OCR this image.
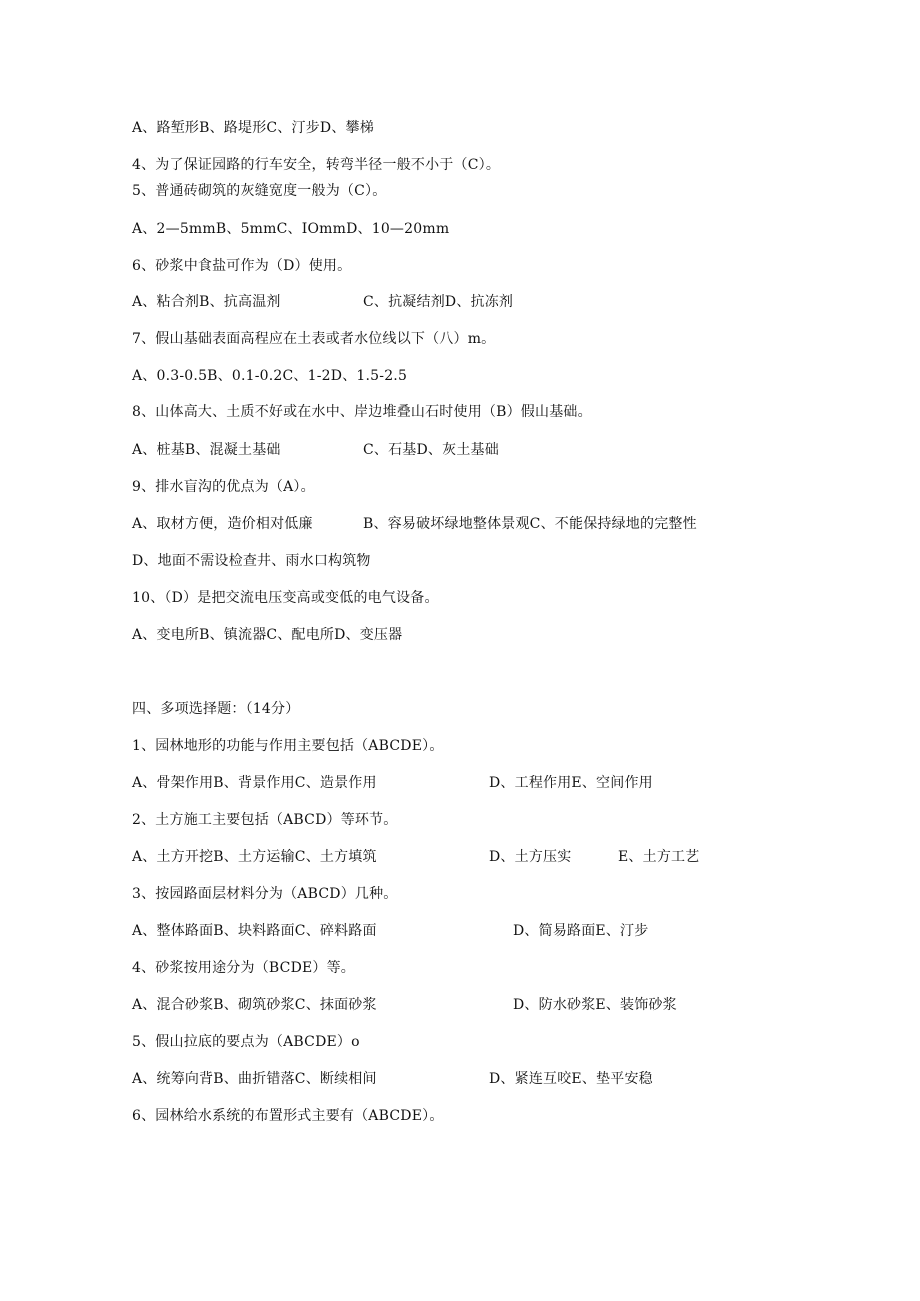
A、路堑形B、路堤形C、汀步D、攀梯
4、为了保证园路的行车安全，转弯半径一般不小于（C）。
5、普通砖砌筑的灰缝宽度一般为（C）。
A、2—5mmB、5mmC、IOmmD、10—20mm
6、砂浆中食盐可作为（D）使用。
A、粘合剂B、抗高温剂	C、抗凝结剂D、抗冻剂
7、假山基础表面高程应在土表或者水位线以下（八）m。
A、0.3-0.5B、0.1-0.2C、1-2D、1.5-2.5
8、山体高大、土质不好或在水中、岸边堆叠山石时使用（B）假山基础。
A、桩基B、混凝土基础	C、石基D、灰土基础
9、排水盲沟的优点为（A）。
A、取材方便，造价相对低廉	B、容易破坏绿地整体景观C、不能保持绿地的完整性
D、地面不需设检查井、雨水口构筑物
10、（D）是把交流电压变高或变低的电气设备。
A、变电所B、镇流器C、配电所D、变压器
四、多项选择题：（14分）
1、园林地形的功能与作用主要包括（ABCDE）。
A、骨架作用B、背景作用C、造景作用	D、工程作用E、空间作用
2、土方施工主要包括（ABCD）等环节。
A、土方开挖B、土方运输C、土方填筑	D、土方压实	E、土方工艺
3、按园路面层材料分为（ABCD）几种。
A、整体路面B、块料路面C、碎料路面	D、简易路面E、汀步
4、砂浆按用途分为（BCDE）等。
A、混合砂浆B、砌筑砂浆C、抹面砂浆	D、防水砂浆E、装饰砂浆
5、假山拉底的要点为（ABCDE）o
A、统筹向背B、曲折错落C、断续相间	D、紧连互咬E、垫平安稳
6、园林给水系统的布置形式主要有（ABCDE）。
